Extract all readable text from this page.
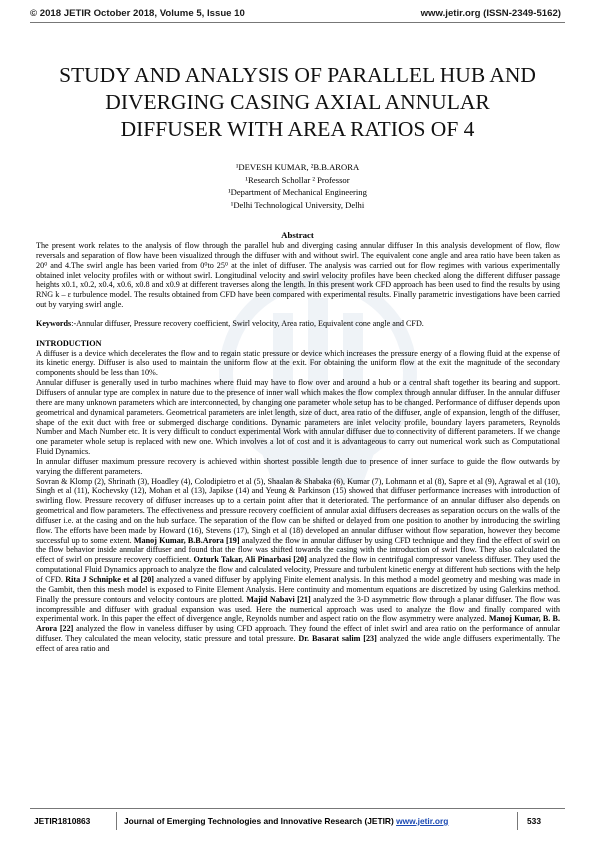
© 2018 JETIR October 2018, Volume 5, Issue 10	www.jetir.org (ISSN-2349-5162)
STUDY AND ANALYSIS OF PARALLEL HUB AND
DIVERGING CASING AXIAL ANNULAR
DIFFUSER WITH AREA RATIOS OF 4
¹DEVESH KUMAR, ²B.B.ARORA
¹Research Schollar ² Professor
¹Department of Mechanical Engineering
¹Delhi Technological University, Delhi
Abstract

The present work relates to the analysis of flow through the parallel hub and diverging casing annular diffuser In this analysis development of flow, flow reversals and separation of flow have been visualized through the diffuser with and without swirl. The equivalent cone angle and area ratio have been taken as 20⁰ and 4.The swirl angle has been varied from 0⁰to 25⁰ at the inlet of diffuser. The analysis was carried out for flow regimes with various experimentally obtained inlet velocity profiles with or without swirl. Longitudinal velocity and swirl velocity profiles have been checked along the different diffuser passage heights x0.1, x0.2, x0.4, x0.6, x0.8 and x0.9 at different traverses along the length. In this present work CFD approach has been used to find the results by using RNG k – ε turbulence model. The results obtained from CFD have been compared with experimental results. Finally parametric investigations have been carried out by varying swirl angle.

Keywords:-Annular diffuser, Pressure recovery coefficient, Swirl velocity, Area ratio, Equivalent cone angle and CFD.

INTRODUCTION

A diffuser is a device which decelerates the flow and to regain static pressure or device which increases the pressure energy of a flowing fluid at the expense of its kinetic energy. Diffuser is also used to maintain the uniform flow at the exit. For obtaining the uniform flow at the exit the magnitude of the secondary components should be less than 10%.

Annular diffuser is generally used in turbo machines where fluid may have to flow over and around a hub or a central shaft together its bearing and support. Diffusers of annular type are complex in nature due to the presence of inner wall which makes the flow complex through annular diffuser. In the annular diffuser there are many unknown parameters which are interconnected, by changing one parameter whole setup has to be changed. Performance of diffuser depends upon geometrical and dynamical parameters. Geometrical parameters are inlet length, size of duct, area ratio of the diffuser, angle of expansion, length of the diffuser, shape of the exit duct with free or submerged discharge conditions. Dynamic parameters are inlet velocity profile, boundary layers parameters, Reynolds Number and Mach Number etc. It is very difficult to conduct experimental Work with annular diffuser due to connectivity of different parameters. If we change one parameter whole setup is replaced with new one. Which involves a lot of cost and it is advantageous to carry out numerical work such as Computational Fluid Dynamics.

In annular diffuser maximum pressure recovery is achieved within shortest possible length due to presence of inner surface to guide the flow outwards by varying the different parameters.

Sovran & Klomp (2), Shrinath (3), Hoadley (4), Colodipietro et al (5), Shaalan & Shabaka (6), Kumar (7), Lohmann et al (8), Sapre et al (9), Agrawal et al (10), Singh et al (11), Kochevsky (12), Mohan et al (13), Japikse (14) and Yeung & Parkinson (15) showed that diffuser performance increases with introduction of swirling flow. Pressure recovery of diffuser increases up to a certain point after that it deteriorated. The performance of an annular diffuser also depends on geometrical and flow parameters. The effectiveness and pressure recovery coefficient of annular axial diffusers decreases as separation occurs on the walls of the diffuser i.e. at the casing and on the hub surface. The separation of the flow can be shifted or delayed from one position to another by introducing the swirling flow. The efforts have been made by Howard (16), Stevens (17), Singh et al (18) developed an annular diffuser without flow separation, however they become successful up to some extent. Manoj Kumar, B.B.Arora [19] analyzed the flow in annular diffuser by using CFD technique and they find the effect of swirl on the flow behavior inside annular diffuser and found that the flow was shifted towards the casing with the introduction of swirl flow. They also calculated the effect of swirl on pressure recovery coefficient. Ozturk Takar, Ali Pinarbasi [20] analyzed the flow in centrifugal compressor vaneless diffuser. They used the computational Fluid Dynamics approach to analyze the flow and calculated velocity, Pressure and turbulent kinetic energy at different hub sections with the help of CFD. Rita J Schnipke et al [20] analyzed a vaned diffuser by applying Finite element analysis. In this method a model geometry and meshing was made in the Gambit, then this mesh model is exposed to Finite Element Analysis. Here continuity and momentum equations are discretized by using Galerkins method. Finally the pressure contours and velocity contours are plotted. Majid Nabavi [21] analyzed the 3-D asymmetric flow through a planar diffuser. The flow was incompressible and diffuser with gradual expansion was used. Here the numerical approach was used to analyze the flow and finally compared with experimental work. In this paper the effect of divergence angle, Reynolds number and aspect ratio on the flow asymmetry were analyzed. Manoj Kumar, B. B. Arora [22] analyzed the flow in vaneless diffuser by using CFD approach. They found the effect of inlet swirl and area ratio on the performance of annular diffuser. They calculated the mean velocity, static pressure and total pressure. Dr. Basarat salim [23] analyzed the wide angle diffusers experimentally. The effect of area ratio and

JETIR1810863	Journal of Emerging Technologies and Innovative Research (JETIR) www.jetir.org	533
